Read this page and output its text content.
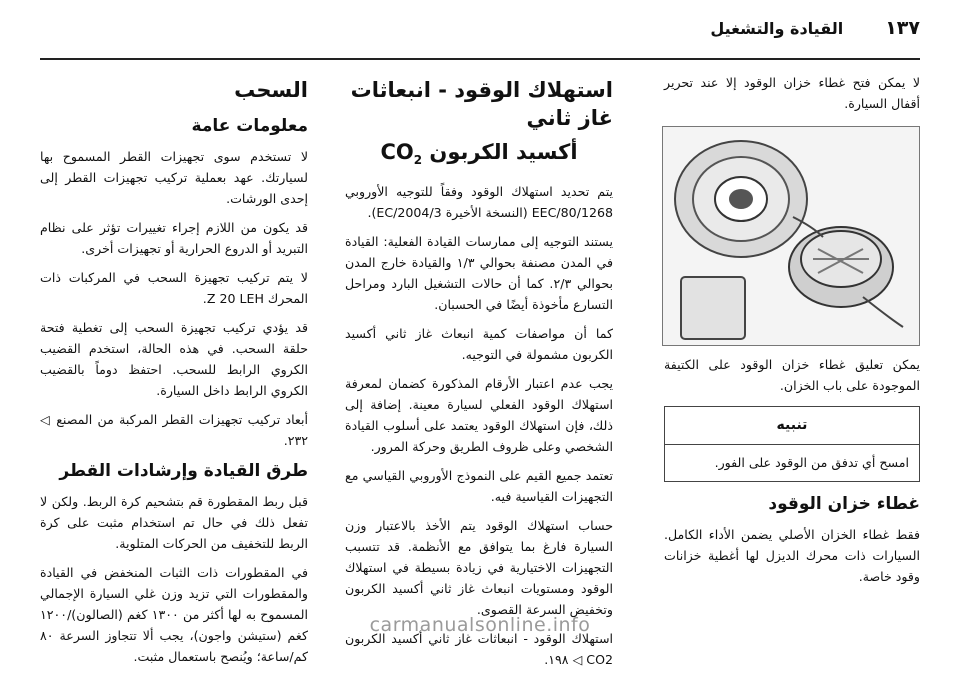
١٣٧
القيادة والتشغيل

لا يمكن فتح غطاء خزان الوقود إلا عند تحرير أقفال السيارة.

يمكن تعليق غطاء خزان الوقود على الكتيفة الموجودة على باب الخزان.

تنبيه
امسح أي تدفق من الوقود على الفور.
غطاء خزان الوقود

فقط غطاء الخزان الأصلي يضمن الأداء الكامل. السيارات ذات محرك الديزل لها أغطية خزانات وقود خاصة.

استهلاك الوقود - انبعاثات غاز ثاني
أكسيد الكربون $CO_2$

يتم تحديد استهلاك الوقود وفقاً للتوجيه الأوروبي 80/1268/EEC (النسخة الأخيرة 2004/3/EC).

يستند التوجيه إلى ممارسات القيادة الفعلية: القيادة في المدن مصنفة بحوالي ١/٣ والقيادة خارج المدن بحوالي ٢/٣. كما أن حالات التشغيل البارد ومراحل التسارع مأخوذة أيضًا في الحسبان.

كما أن مواصفات كمية انبعاث غاز ثاني أكسيد الكربون مشمولة في التوجيه.

يجب عدم اعتبار الأرقام المذكورة كضمان لمعرفة استهلاك الوقود الفعلي لسيارة معينة. إضافة إلى ذلك، فإن استهلاك الوقود يعتمد على أسلوب القيادة الشخصي وعلى ظروف الطريق وحركة المرور.

تعتمد جميع القيم على النموذج الأوروبي القياسي مع التجهيزات القياسية فيه.

حساب استهلاك الوقود يتم الأخذ بالاعتبار وزن السيارة فارغ بما يتوافق مع الأنظمة. قد تتسبب التجهيزات الاختيارية في زيادة بسيطة في استهلاك الوقود ومستويات انبعاث غاز ثاني أكسيد الكربون وتخفيض السرعة القصوى.

استهلاك الوقود - انبعاثات غاز ثاني أكسيد الكربون CO2 ◁ ١٩٨.

السحب
معلومات عامة

لا تستخدم سوى تجهيزات القطر المسموح بها لسيارتك. عهد بعملية تركيب تجهيزات القطر إلى إحدى الورشات.

قد يكون من اللازم إجراء تغييرات تؤثر على نظام التبريد أو الدروع الحرارية أو تجهيزات أخرى.

لا يتم تركيب تجهيزة السحب في المركبات ذات المحرك Z 20 LEH.

قد يؤدي تركيب تجهيزة السحب إلى تغطية فتحة حلقة السحب. في هذه الحالة، استخدم القضيب الكروي الرابط للسحب. احتفظ دوماً بالقضيب الكروي الرابط داخل السيارة.

أبعاد تركيب تجهيزات القطر المركبة من المصنع ◁ ٢٣٢.

طرق القيادة وإرشادات القطر

قبل ربط المقطورة قم بتشحيم كرة الربط. ولكن لا تفعل ذلك في حال تم استخدام مثبت على كرة الربط للتخفيف من الحركات المتلوية.

في المقطورات ذات الثبات المنخفض في القيادة والمقطورات التي تزيد وزن غلي السيارة الإجمالي المسموح به لها أكثر من ١٣٠٠ كغم (الصالون)/١٢٠٠ كغم (ستيشن واجون)، يجب ألا تتجاوز السرعة ٨٠ كم/ساعة؛ ويُنصح باستعمال مثبت.

carmanualsonline.info
